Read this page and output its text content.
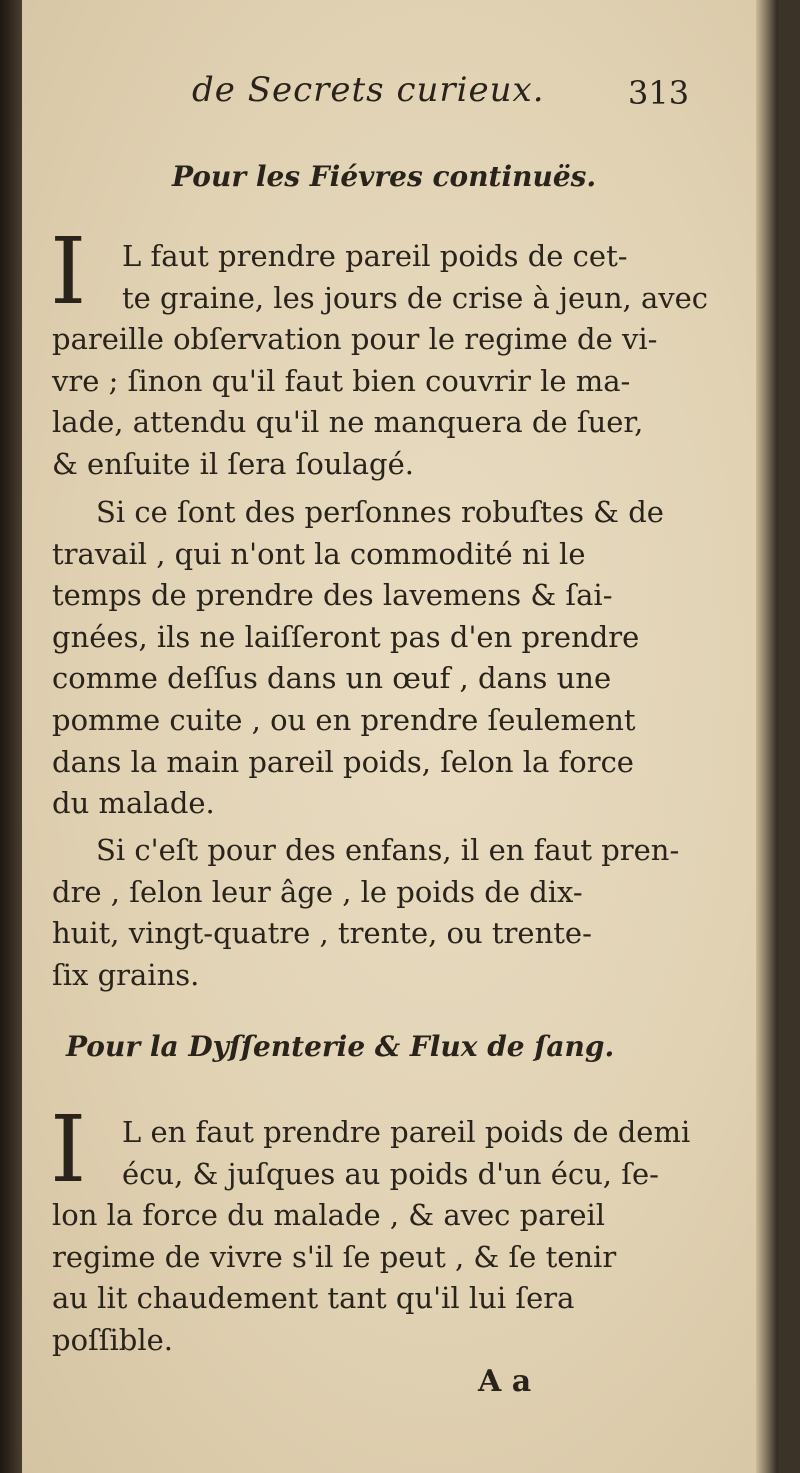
de Secrets curieux.	313
Pour les Fiévres continuës.
I	L faut prendre pareil poids de cet-
te graine, les jours de crise à jeun, avec
pareille obſervation pour le regime de vi-
vre ; ſinon qu'il faut bien couvrir le ma-
lade, attendu qu'il ne manquera de ſuer,
& enſuite il ſera ſoulagé.
Si ce ſont des perſonnes robuſtes & de
travail , qui n'ont la commodité ni le
temps de prendre des lavemens & ſai-
gnées, ils ne laiſſeront pas d'en prendre
comme deſſus dans un œuf , dans une
pomme cuite , ou en prendre ſeulement
dans la main pareil poids, ſelon la force
du malade.
Si c'eſt pour des enfans, il en faut pren-
dre , ſelon leur âge , le poids de dix-
huit, vingt-quatre , trente, ou trente-
ſix grains.
Pour la Dyſſenterie & Flux de ſang.
I	L en faut prendre pareil poids de demi
écu, & juſques au poids d'un écu, ſe-
lon la force du malade , & avec pareil
regime de vivre s'il ſe peut , & ſe tenir
au lit chaudement tant qu'il lui ſera
poſſible.
A a
